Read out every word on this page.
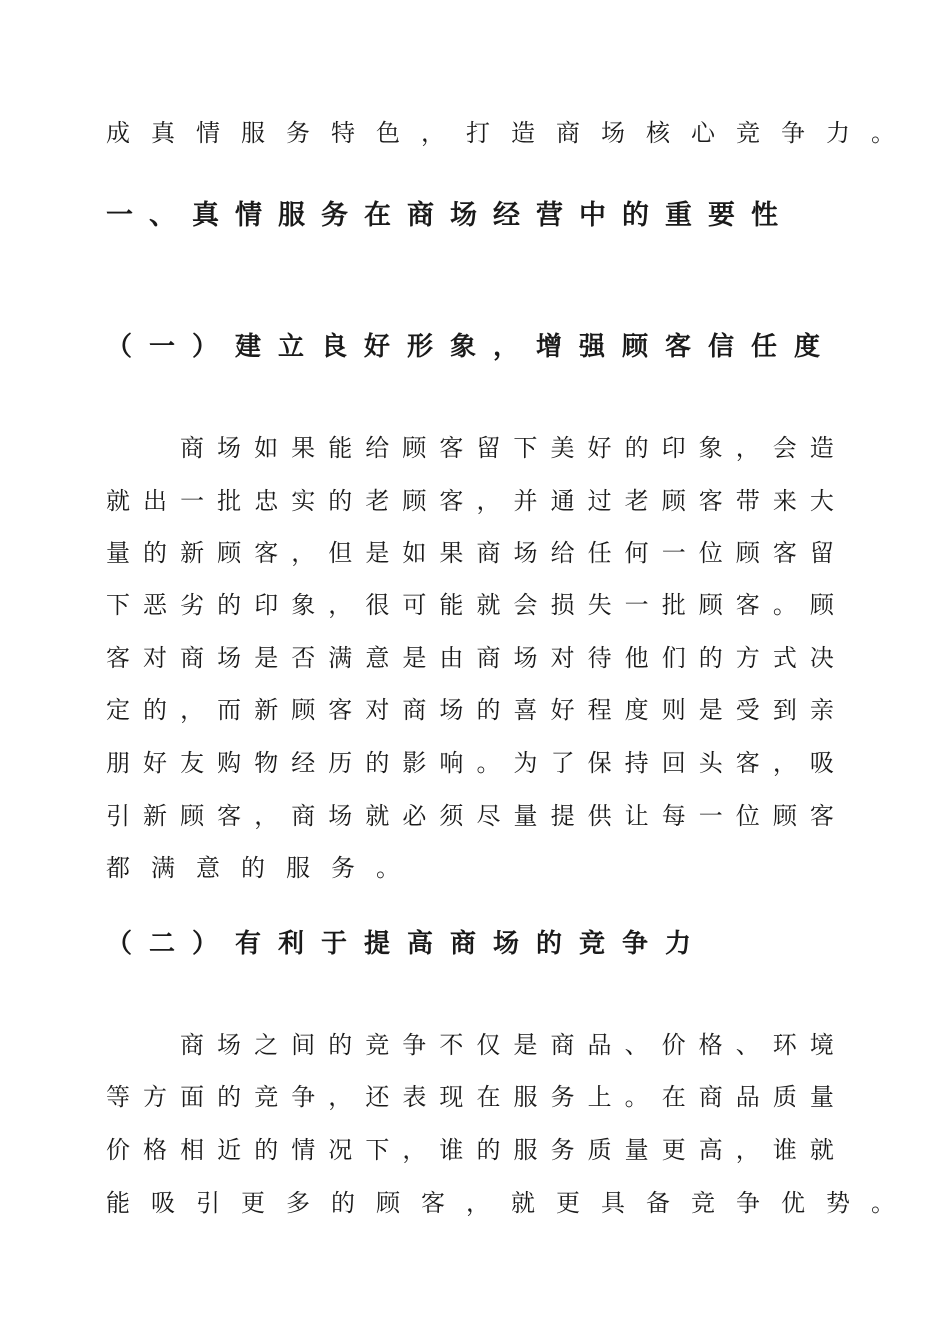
成真情服务特色，打造商场核心竞争力。
一、真情服务在商场经营中的重要性
（一）建立良好形象，增强顾客信任度
商 场 如 果 能 给 顾 客 留 下 美 好 的 印 象 ， 会 造
就 出 一 批 忠 实 的 老 顾 客 ， 并 通 过 老 顾 客 带 来 大
量 的 新 顾 客 ， 但 是 如 果 商 场 给 任 何 一 位 顾 客 留
下 恶 劣 的 印 象 ， 很 可 能 就 会 损 失 一 批 顾 客 。 顾
客 对 商 场 是 否 满 意 是 由 商 场 对 待 他 们 的 方 式 决
定 的 ， 而 新 顾 客 对 商 场 的 喜 好 程 度 则 是 受 到 亲
朋 好 友 购 物 经 历 的 影 响 。 为 了 保 持 回 头 客 ， 吸
引 新 顾 客 ， 商 场 就 必 须 尽 量 提 供 让 每 一 位 顾 客
都满意的服务。
（二）有利于提高商场的竞争力
商 场 之 间 的 竞 争 不 仅 是 商 品 、 价 格 、 环 境
等 方 面 的 竞 争 ， 还 表 现 在 服 务 上 。 在 商 品 质 量
价 格 相 近 的 情 况 下 ， 谁 的 服 务 质 量 更 高 ， 谁 就
能吸引更多的顾客，就更具备竞争优势。
